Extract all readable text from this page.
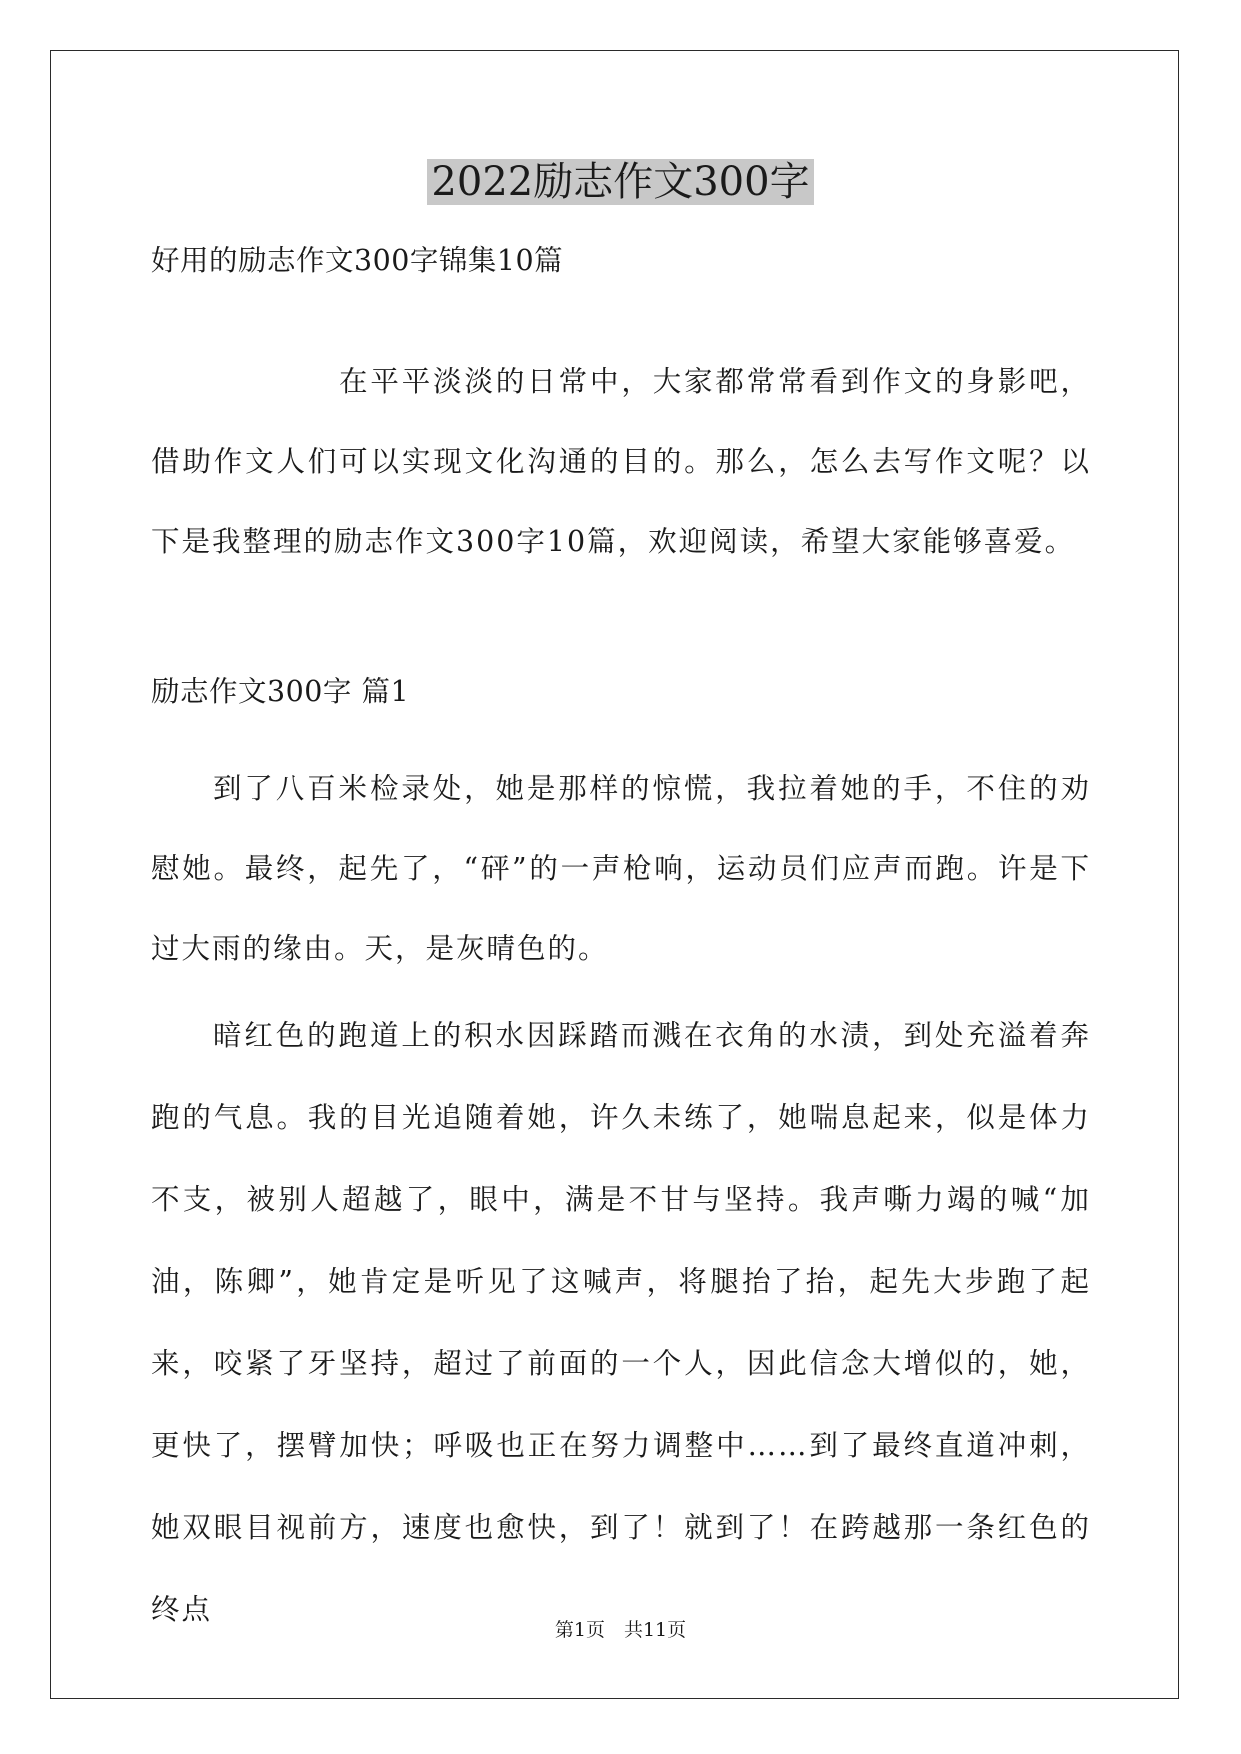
2022励志作文300字

好用的励志作文300字锦集10篇

在平平淡淡的日常中，大家都常常看到作文的身影吧，借助作文人们可以实现文化沟通的目的。那么，怎么去写作文呢？以下是我整理的励志作文300字10篇，欢迎阅读，希望大家能够喜爱。

励志作文300字 篇1

到了八百米检录处，她是那样的惊慌，我拉着她的手，不住的劝慰她。最终，起先了，“砰”的一声枪响，运动员们应声而跑。许是下过大雨的缘由。天，是灰晴色的。

暗红色的跑道上的积水因踩踏而溅在衣角的水渍，到处充溢着奔跑的气息。我的目光追随着她，许久未练了，她喘息起来，似是体力不支，被别人超越了，眼中，满是不甘与坚持。我声嘶力竭的喊“加油，陈卿”，她肯定是听见了这喊声，将腿抬了抬，起先大步跑了起来，咬紧了牙坚持，超过了前面的一个人，因此信念大增似的，她，更快了，摆臂加快；呼吸也正在努力调整中……到了最终直道冲刺，她双眼目视前方，速度也愈快，到了！就到了！在跨越那一条红色的终点

第1页　共11页
